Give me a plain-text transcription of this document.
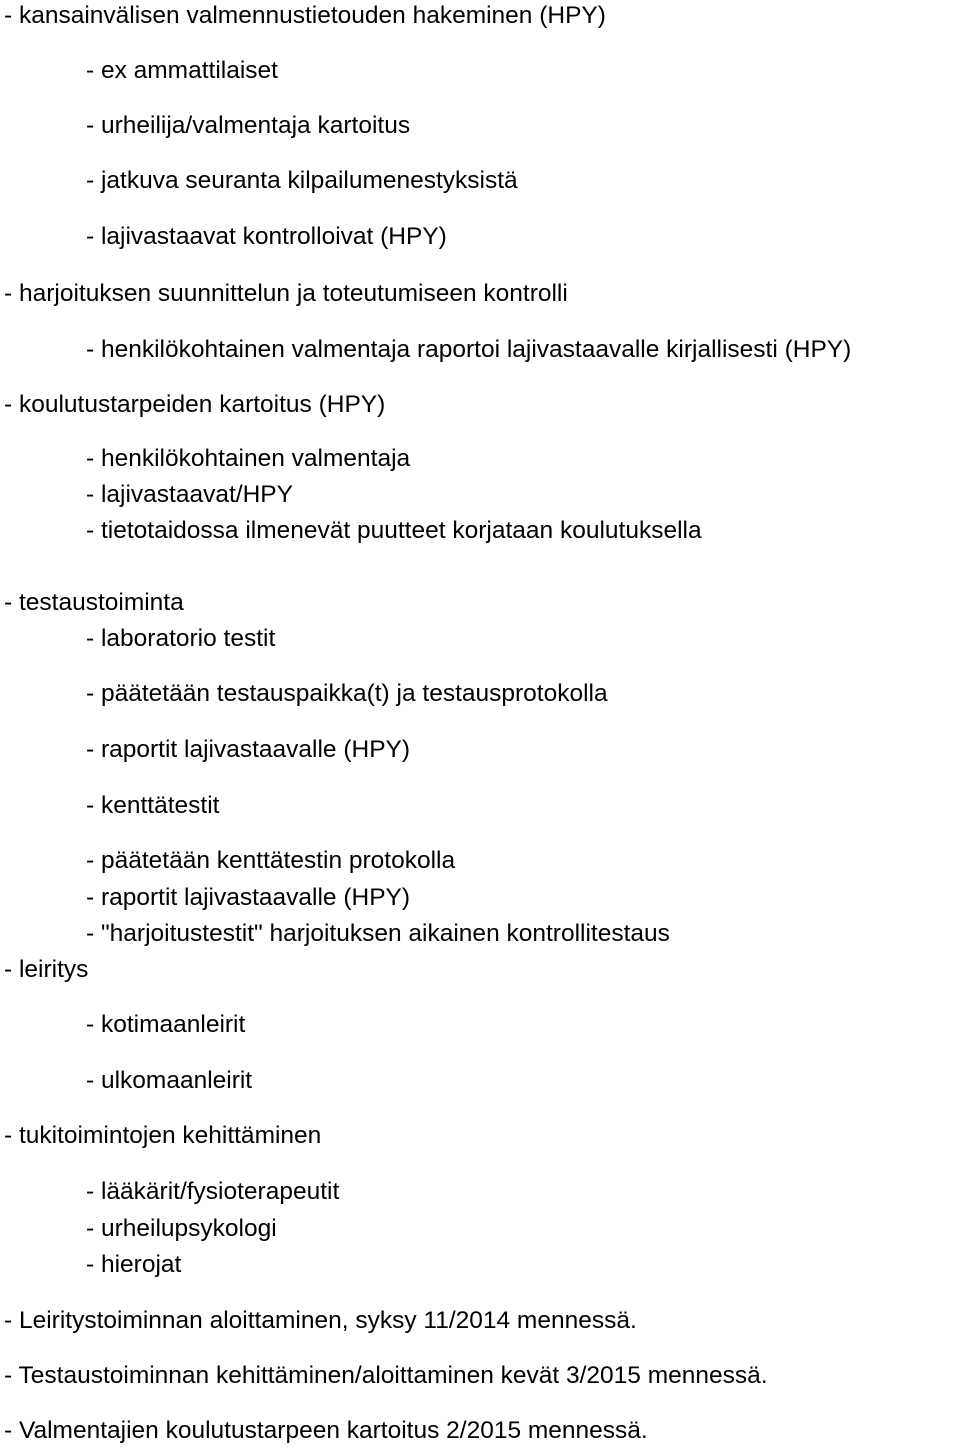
- kansainvälisen valmennustietouden hakeminen (HPY)
- ex ammattilaiset
- urheilija/valmentaja kartoitus
- jatkuva seuranta kilpailumenestyksistä
- lajivastaavat kontrolloivat (HPY)
- harjoituksen suunnittelun ja toteutumiseen kontrolli
- henkilökohtainen valmentaja raportoi lajivastaavalle kirjallisesti (HPY)
- koulutustarpeiden kartoitus (HPY)
- henkilökohtainen valmentaja
- lajivastaavat/HPY
- tietotaidossa ilmenevät puutteet korjataan koulutuksella
- testaustoiminta
- laboratorio testit
- päätetään testauspaikka(t) ja testausprotokolla
- raportit lajivastaavalle (HPY)
- kenttätestit
- päätetään kenttätestin protokolla
- raportit lajivastaavalle (HPY)
- "harjoitustestit" harjoituksen aikainen kontrollitestaus
- leiritys
- kotimaanleirit
- ulkomaanleirit
- tukitoimintojen kehittäminen
- lääkärit/fysioterapeutit
- urheilupsykologi
- hierojat
- Leiritystoiminnan aloittaminen, syksy 11/2014 mennessä.
- Testaustoiminnan kehittäminen/aloittaminen kevät 3/2015 mennessä.
- Valmentajien koulutustarpeen kartoitus 2/2015 mennessä.
